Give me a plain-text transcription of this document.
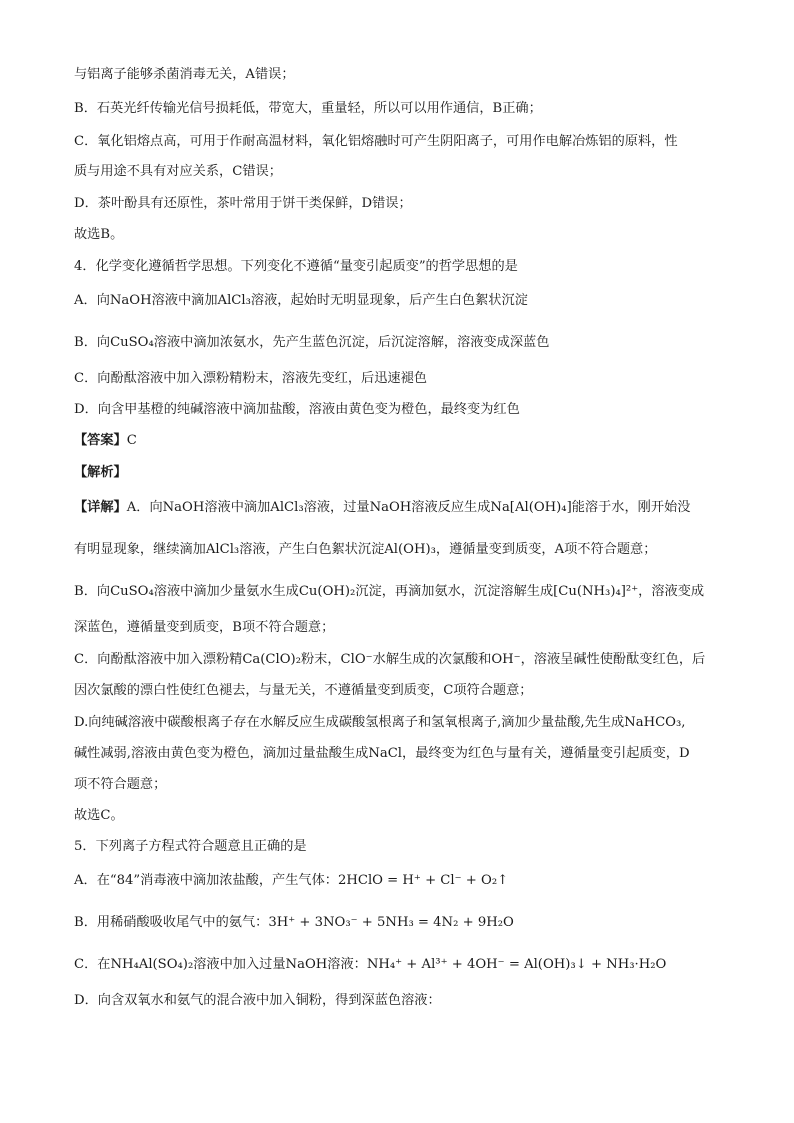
与铝离子能够杀菌消毒无关，A错误；
B．石英光纤传输光信号损耗低，带宽大，重量轻，所以可以用作通信，B正确；
C．氧化铝熔点高，可用于作耐高温材料，氧化铝熔融时可产生阴阳离子，可用作电解冶炼铝的原料，性
质与用途不具有对应关系，C错误；
D．茶叶酚具有还原性，茶叶常用于饼干类保鲜，D错误；
故选B。
4．化学变化遵循哲学思想。下列变化不遵循“量变引起质变”的哲学思想的是
A．向NaOH溶液中滴加AlCl₃溶液，起始时无明显现象，后产生白色絮状沉淀
B．向CuSO₄溶液中滴加浓氨水，先产生蓝色沉淀，后沉淀溶解，溶液变成深蓝色
C．向酚酞溶液中加入漂粉精粉末，溶液先变红，后迅速褪色
D．向含甲基橙的纯碱溶液中滴加盐酸，溶液由黄色变为橙色，最终变为红色
【答案】C
【解析】
【详解】A．向NaOH溶液中滴加AlCl₃溶液，过量NaOH溶液反应生成Na[Al(OH)₄]能溶于水，刚开始没
有明显现象，继续滴加AlCl₃溶液，产生白色絮状沉淀Al(OH)₃，遵循量变到质变，A项不符合题意；
B．向CuSO₄溶液中滴加少量氨水生成Cu(OH)₂沉淀，再滴加氨水，沉淀溶解生成[Cu(NH₃)₄]²⁺，溶液变成
深蓝色，遵循量变到质变，B项不符合题意；
C．向酚酞溶液中加入漂粉精Ca(ClO)₂粉末，ClO⁻水解生成的次氯酸和OH⁻，溶液呈碱性使酚酞变红色，后
因次氯酸的漂白性使红色褪去，与量无关，不遵循量变到质变，C项符合题意；
D.向纯碱溶液中碳酸根离子存在水解反应生成碳酸氢根离子和氢氧根离子,滴加少量盐酸,先生成NaHCO₃,
碱性减弱,溶液由黄色变为橙色，滴加过量盐酸生成NaCl，最终变为红色与量有关，遵循量变引起质变，D
项不符合题意；
故选C。
5．下列离子方程式符合题意且正确的是
A．在“84”消毒液中滴加浓盐酸，产生气体：2HClO = H⁺ + Cl⁻ + O₂↑
B．用稀硝酸吸收尾气中的氨气：3H⁺ + 3NO₃⁻ + 5NH₃ = 4N₂ + 9H₂O
C．在NH₄Al(SO₄)₂溶液中加入过量NaOH溶液：NH₄⁺ + Al³⁺ + 4OH⁻ = Al(OH)₃↓ + NH₃·H₂O
D．向含双氧水和氨气的混合液中加入铜粉，得到深蓝色溶液：
